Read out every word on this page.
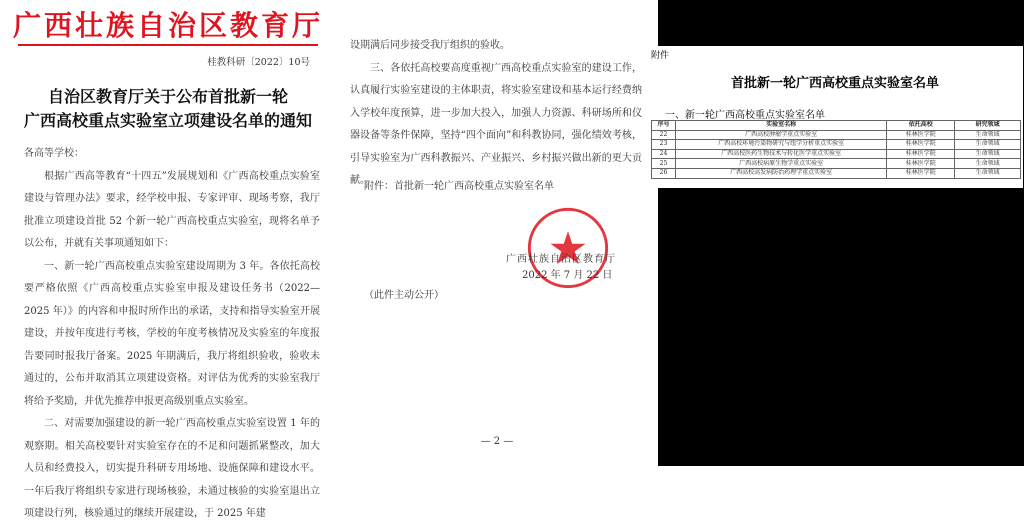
广西壮族自治区教育厅
桂教科研〔2022〕10号
自治区教育厅关于公布首批新一轮
广西高校重点实验室立项建设名单的通知
各高等学校：
根据广西高等教育“十四五”发展规划和《广西高校重点实验室建设与管理办法》要求，经学校申报、专家评审、现场考察，我厅批准立项建设首批 52 个新一轮广西高校重点实验室，现将名单予以公布，并就有关事项通知如下：
一、新一轮广西高校重点实验室建设周期为 3 年。各依托高校要严格依照《广西高校重点实验室申报及建设任务书（2022—2025 年）》的内容和申报时所作出的承诺，支持和指导实验室开展建设，并按年度进行考核，学校的年度考核情况及实验室的年度报告要同时报我厅备案。2025 年期满后，我厅将组织验收，验收未通过的，公布并取消其立项建设资格。对评估为优秀的实验室我厅将给予奖励，并优先推荐申报更高级别重点实验室。
二、对需要加强建设的新一轮广西高校重点实验室设置 1 年的观察期。相关高校要针对实验室存在的不足和问题抓紧整改，加大人员和经费投入，切实提升科研专用场地、设施保障和建设水平。一年后我厅将组织专家进行现场核验，未通过核验的实验室退出立项建设行列，核验通过的继续开展建设，于 2025 年建
设期满后同步接受我厅组织的验收。
三、各依托高校要高度重视广西高校重点实验室的建设工作，认真履行实验室建设的主体职责，将实验室建设和基本运行经费纳入学校年度预算，进一步加大投入，加强人力资源、科研场所和仪器设备等条件保障，坚持“四个面向”和科教协同，强化绩效考核，引导实验室为广西科教振兴、产业振兴、乡村振兴做出新的更大贡献。
附件：首批新一轮广西高校重点实验室名单
广西壮族自治区教育厅
2022 年 7 月 22 日
（此件主动公开）
— 2 —
附件
首批新一轮广西高校重点实验室名单
一、新一轮广西高校重点实验室名单
序号	实验室名称	依托高校	研究领域
22	广西高校肿瘤学重点实验室	桂林医学院	生命领域
23	广西高校环境污染物研究与纽学分析重点实验室	桂林医学院	生命领域
24	广西高校医药生物技术与转化医学重点实验室	桂林医学院	生命领域
25	广西高校病原生物学重点实验室	桂林医学院	生命领域
26	广西高校高发病防治药理学重点实验室	桂林医学院	生命领域
